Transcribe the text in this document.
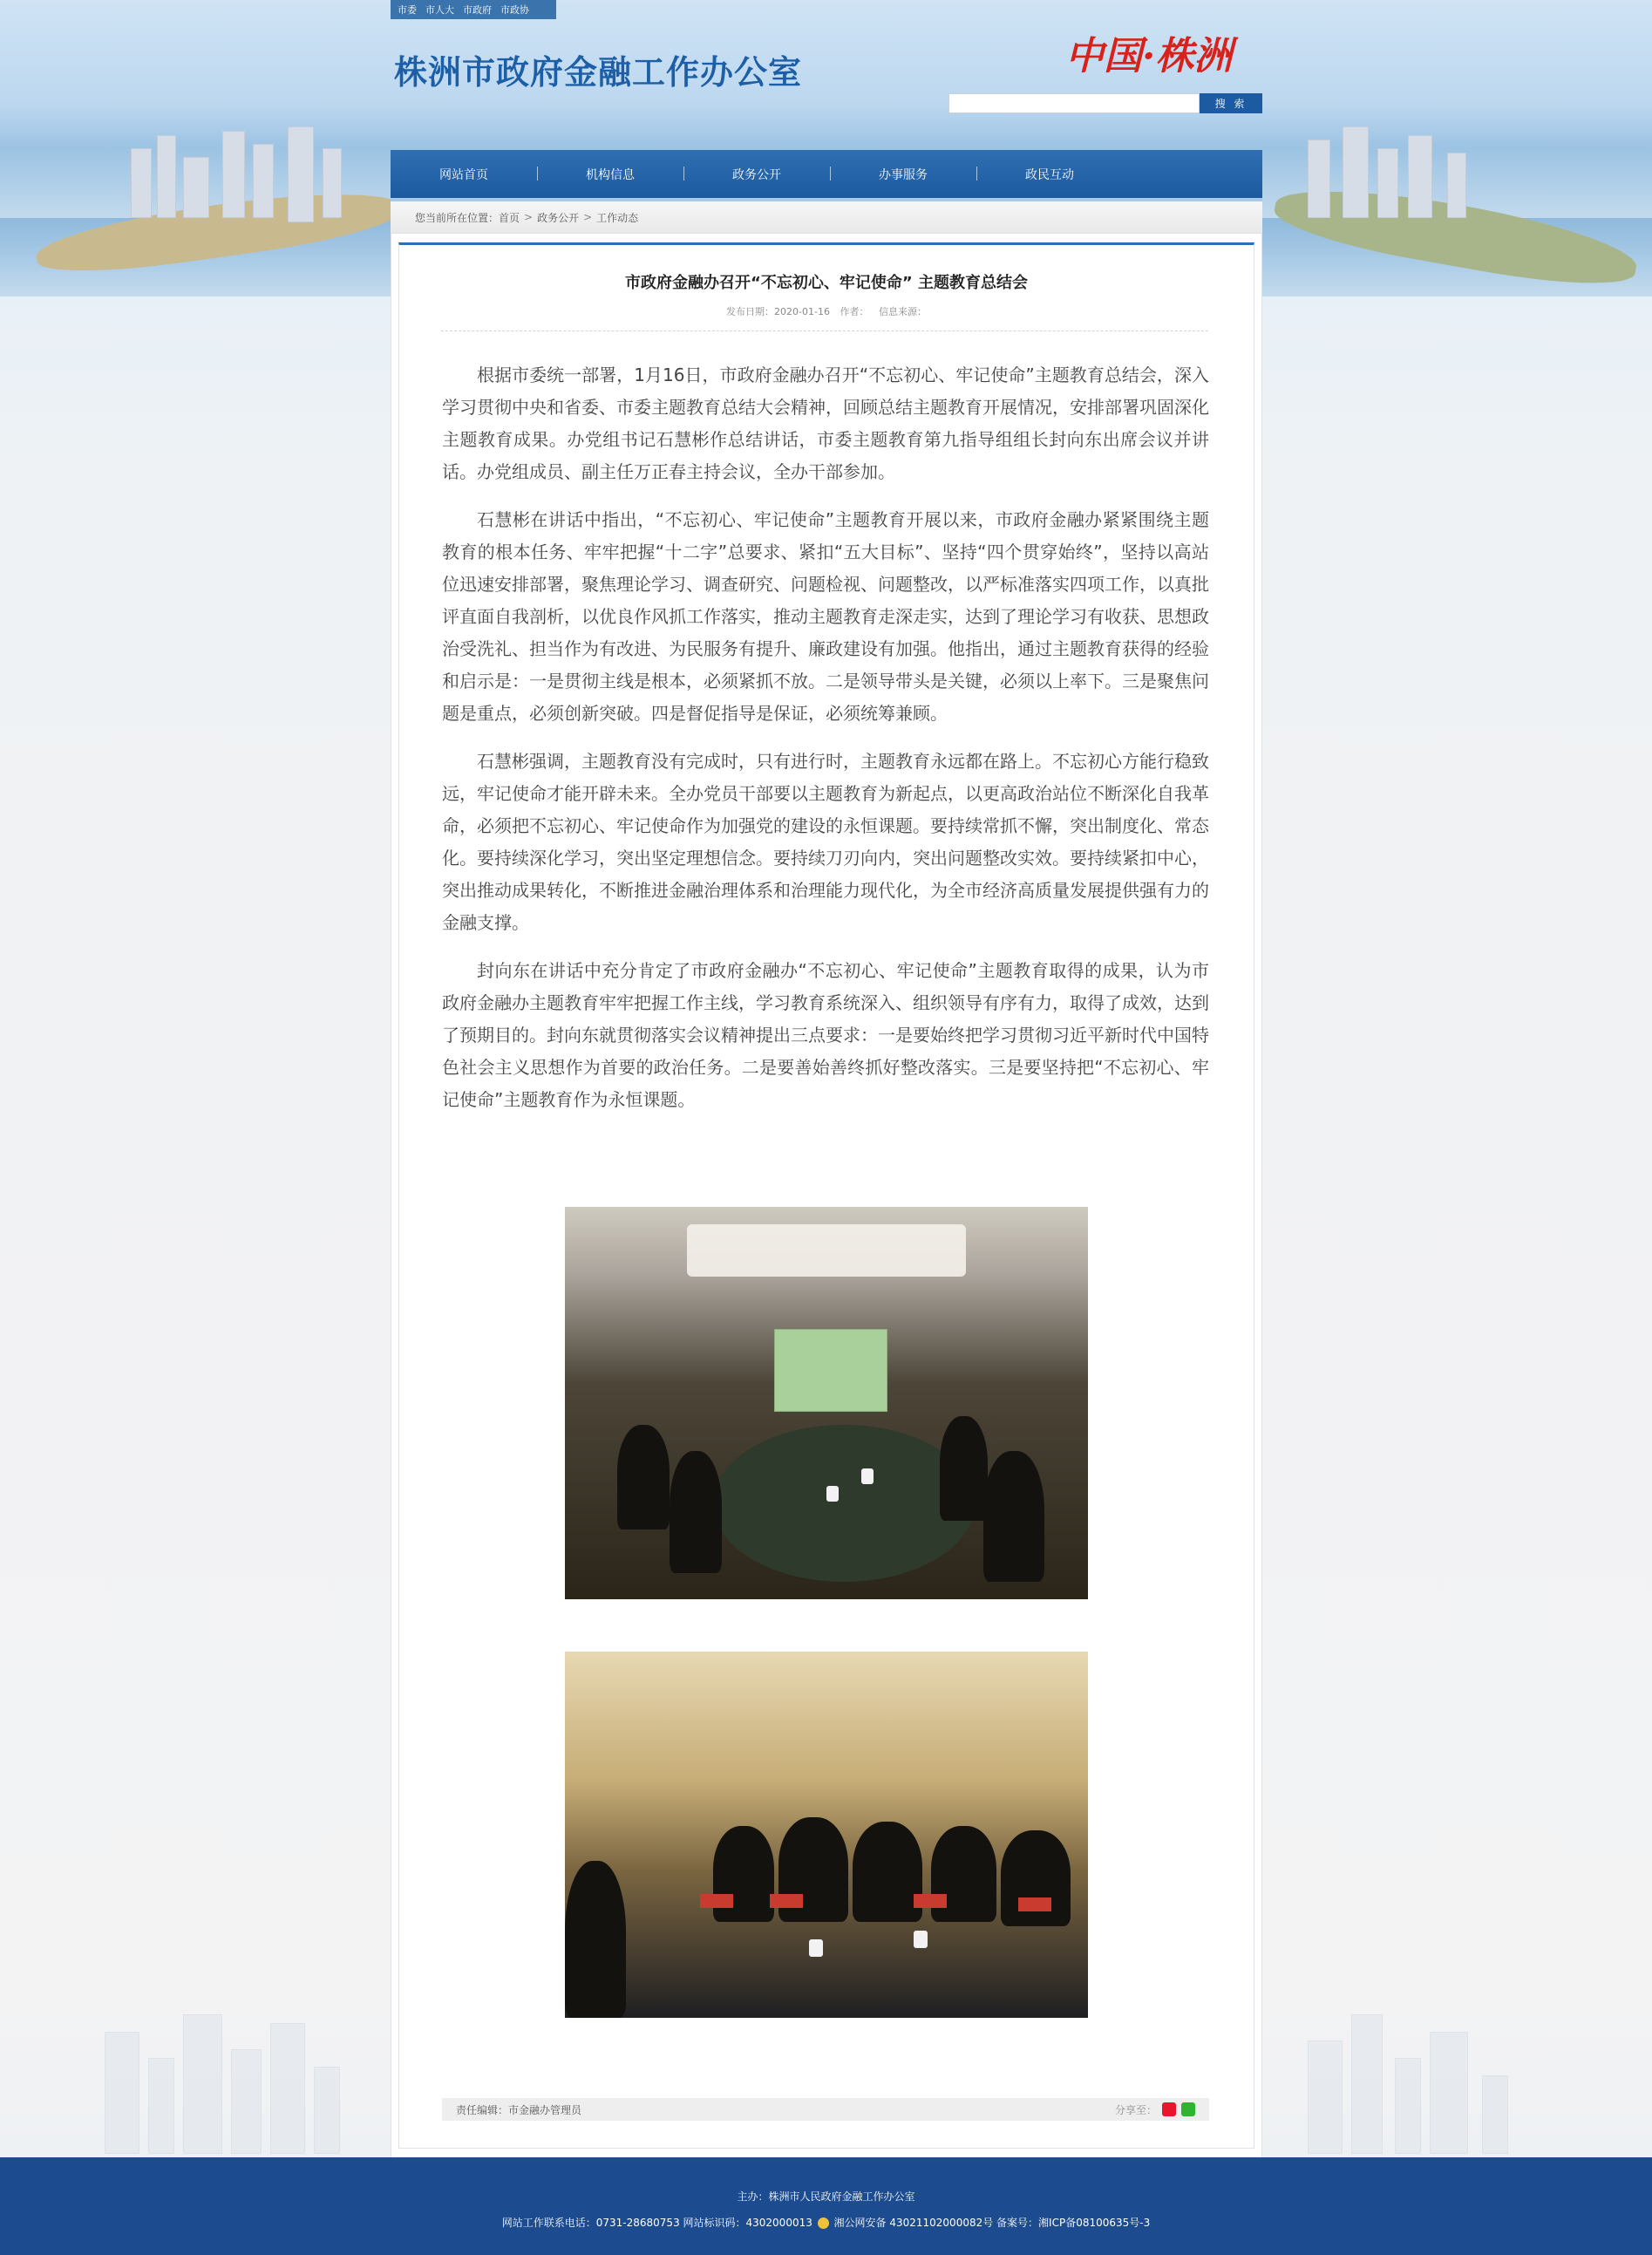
市委 市人大 市政府 市政协
株洲市政府金融工作办公室	中国·株洲
搜 索
网站首页	机构信息	政务公开	办事服务	政民互动
您当前所在位置： 首页 > 政务公开 > 工作动态
市政府金融办召开“不忘初心、牢记使命” 主题教育总结会
发布日期：2020-01-16 作者： 信息来源：

根据市委统一部署，1月16日，市政府金融办召开“不忘初心、牢记使命”主题教育总结会，深入学习贯彻中央和省委、市委主题教育总结大会精神，回顾总结主题教育开展情况，安排部署巩固深化主题教育成果。办党组书记石慧彬作总结讲话，市委主题教育第九指导组组长封向东出席会议并讲话。办党组成员、副主任万正春主持会议，全办干部参加。

石慧彬在讲话中指出，“不忘初心、牢记使命”主题教育开展以来，市政府金融办紧紧围绕主题教育的根本任务、牢牢把握“十二字”总要求、紧扣“五大目标”、坚持“四个贯穿始终”，坚持以高站位迅速安排部署，聚焦理论学习、调查研究、问题检视、问题整改，以严标准落实四项工作，以真批评直面自我剖析，以优良作风抓工作落实，推动主题教育走深走实，达到了理论学习有收获、思想政治受洗礼、担当作为有改进、为民服务有提升、廉政建设有加强。他指出，通过主题教育获得的经验和启示是：一是贯彻主线是根本，必须紧抓不放。二是领导带头是关键，必须以上率下。三是聚焦问题是重点，必须创新突破。四是督促指导是保证，必须统筹兼顾。

石慧彬强调，主题教育没有完成时，只有进行时，主题教育永远都在路上。不忘初心方能行稳致远，牢记使命才能开辟未来。全办党员干部要以主题教育为新起点，以更高政治站位不断深化自我革命，必须把不忘初心、牢记使命作为加强党的建设的永恒课题。要持续常抓不懈，突出制度化、常态化。要持续深化学习，突出坚定理想信念。要持续刀刃向内，突出问题整改实效。要持续紧扣中心，突出推动成果转化，不断推进金融治理体系和治理能力现代化，为全市经济高质量发展提供强有力的金融支撑。

封向东在讲话中充分肯定了市政府金融办“不忘初心、牢记使命”主题教育取得的成果，认为市政府金融办主题教育牢牢把握工作主线，学习教育系统深入、组织领导有序有力，取得了成效，达到了预期目的。封向东就贯彻落实会议精神提出三点要求：一是要始终把学习贯彻习近平新时代中国特色社会主义思想作为首要的政治任务。二是要善始善终抓好整改落实。三是要坚持把“不忘初心、牢记使命”主题教育作为永恒课题。

责任编辑：市金融办管理员	分享至：
主办：株洲市人民政府金融工作办公室
网站工作联系电话：0731-28680753 网站标识码：4302000013 湘公网安备 43021102000082号 备案号：湘ICP备08100635号-3
